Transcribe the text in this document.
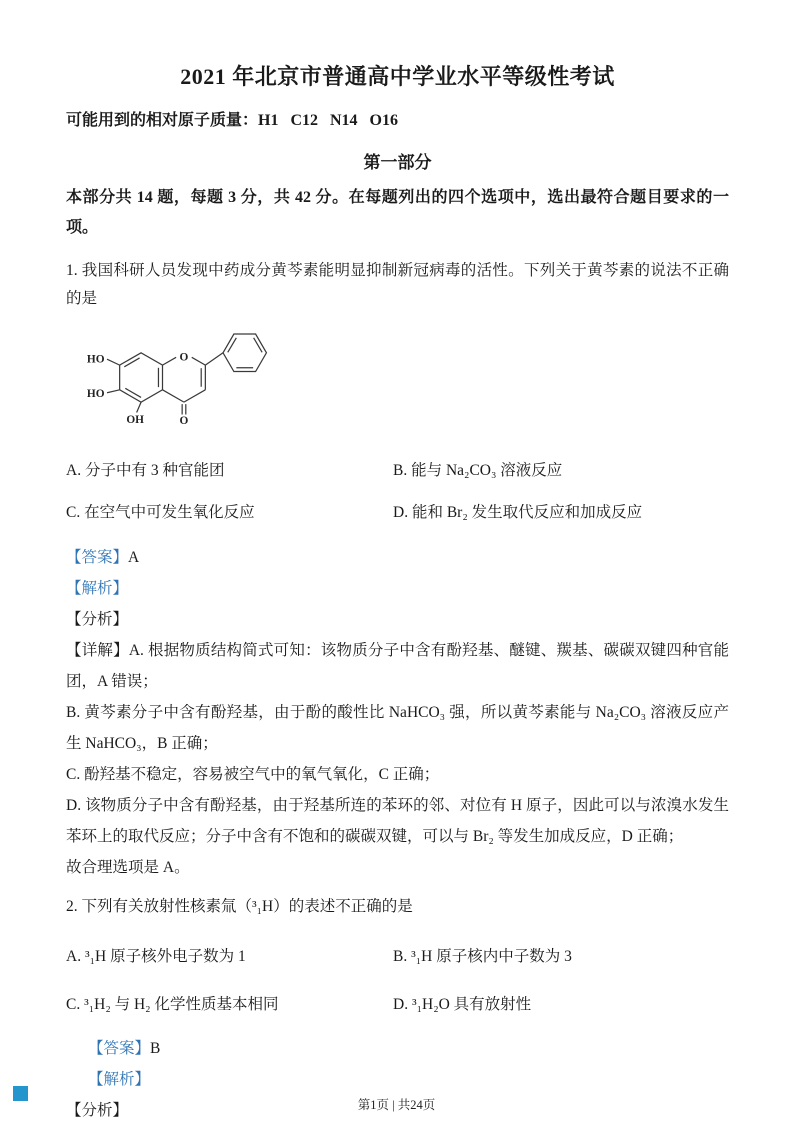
2021 年北京市普通高中学业水平等级性考试
可能用到的相对原子质量：H1   C12   N14   O16
第一部分
本部分共 14 题，每题 3 分，共 42 分。在每题列出的四个选项中，选出最符合题目要求的一项。
1. 我国科研人员发现中药成分黄芩素能明显抑制新冠病毒的活性。下列关于黄芩素的说法不正确的是
HO
HO
OH
O
O
A. 分子中有 3 种官能团	B. 能与 Na₂CO₃ 溶液反应
C. 在空气中可发生氧化反应	D. 能和 Br₂ 发生取代反应和加成反应

【答案】A

【解析】

【分析】

【详解】A. 根据物质结构简式可知：该物质分子中含有酚羟基、醚键、羰基、碳碳双键四种官能团，A 错误；

B. 黄芩素分子中含有酚羟基，由于酚的酸性比 NaHCO₃ 强，所以黄芩素能与 Na₂CO₃ 溶液反应产生 NaHCO₃，B 正确；

C. 酚羟基不稳定，容易被空气中的氧气氧化，C 正确；

D. 该物质分子中含有酚羟基，由于羟基所连的苯环的邻、对位有 H 原子，因此可以与浓溴水发生苯环上的取代反应；分子中含有不饱和的碳碳双键，可以与 Br₂ 等发生加成反应，D 正确；

故合理选项是 A。

2. 下列有关放射性核素氚（³₁H）的表述不正确的是
A. ³₁H 原子核外电子数为 1	B. ³₁H 原子核内中子数为 3
C. ³₁H₂ 与 H₂ 化学性质基本相同	D. ³₁H₂O 具有放射性

【答案】B

【解析】

【分析】	第1页 | 共24页
